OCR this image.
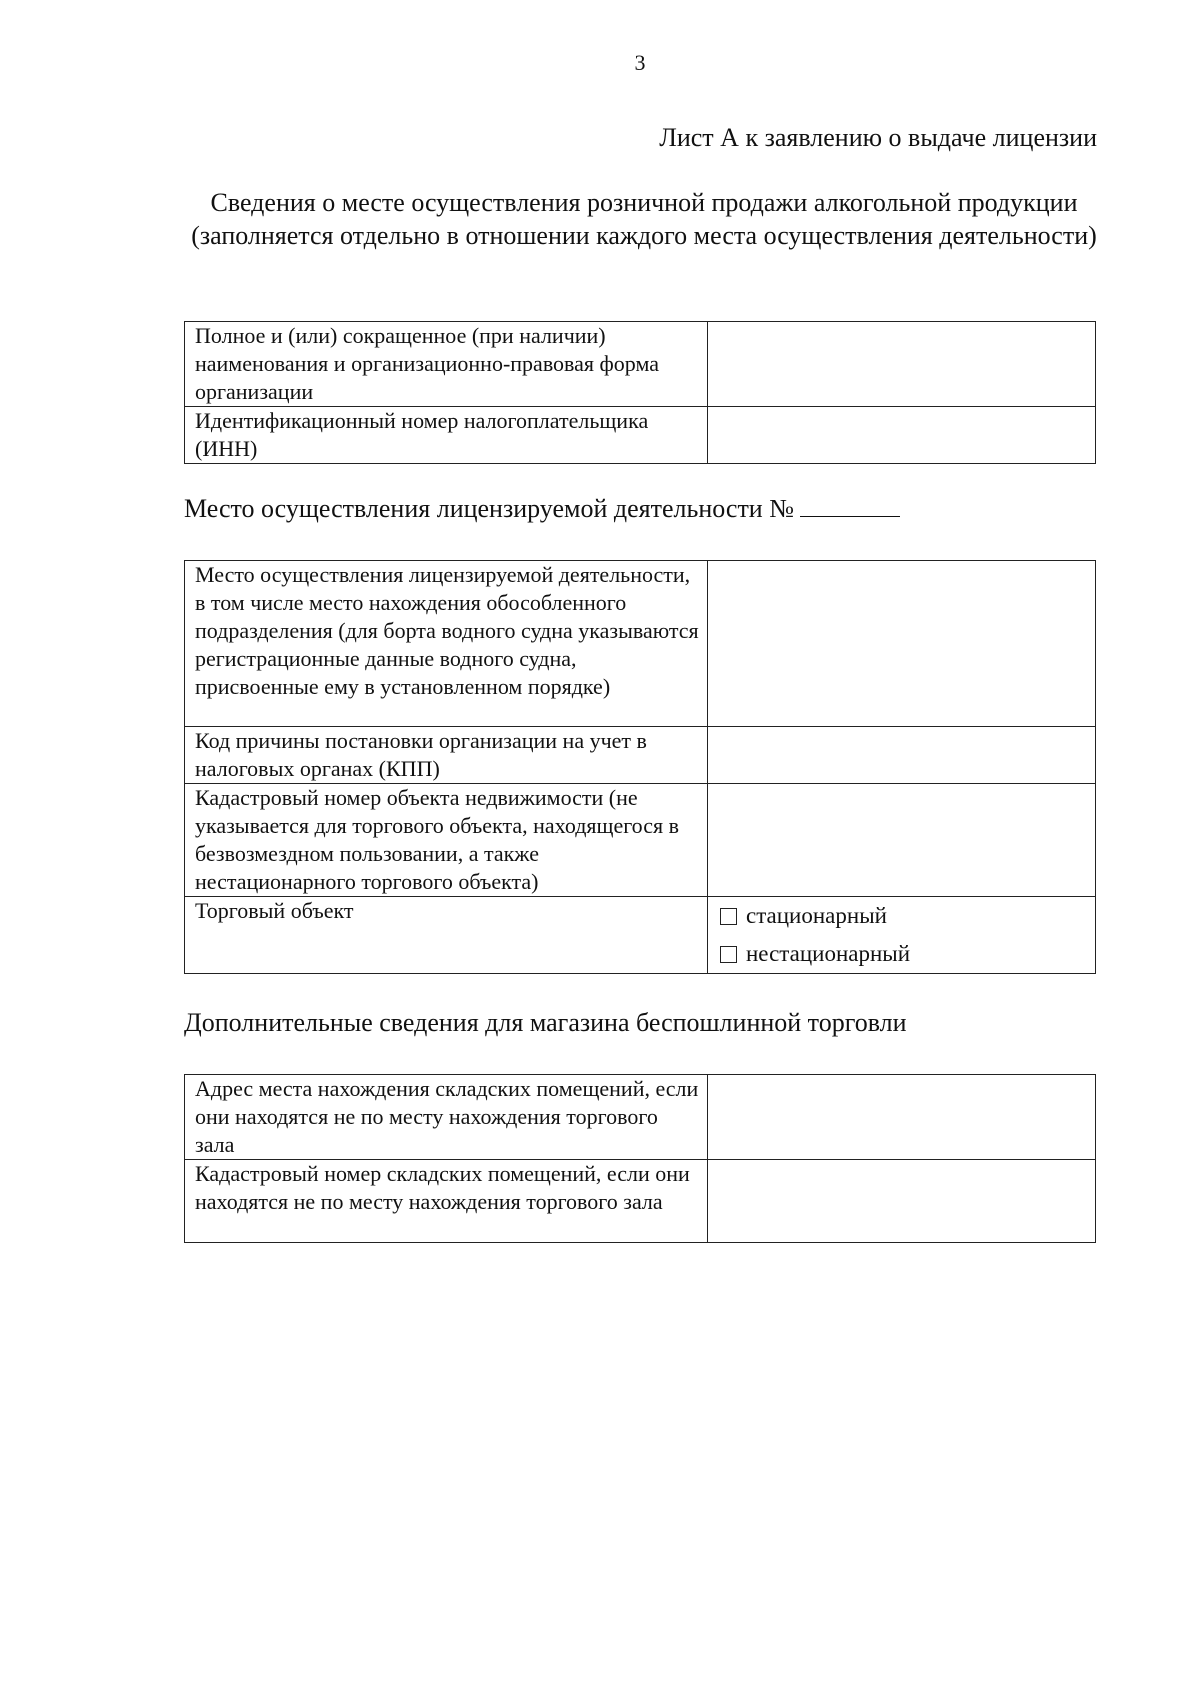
3
Лист А к заявлению о выдаче лицензии
Сведения о месте осуществления розничной продажи алкогольной продукции (заполняется отдельно в отношении каждого места осуществления деятельности)
Полное и (или) сокращенное (при наличии) наименования и организационно-правовая форма организации	
Идентификационный номер налогоплательщика (ИНН)	
Место осуществления лицензируемой деятельности №
Место осуществления лицензируемой деятельности, в том числе место нахождения обособленного подразделения (для борта водного судна указываются регистрационные данные водного судна, присвоенные ему в установленном порядке)	
Код причины постановки организации на учет в налоговых органах (КПП)	
Кадастровый номер объекта недвижимости (не указывается для торгового объекта, находящегося в безвозмездном пользовании, а также нестационарного торгового объекта)	
Торговый объект	стационарный
нестационарный
Дополнительные сведения для магазина беспошлинной торговли
Адрес места нахождения складских помещений, если они находятся не по месту нахождения торгового зала	
Кадастровый номер складских помещений, если они находятся не по месту нахождения торгового зала	
